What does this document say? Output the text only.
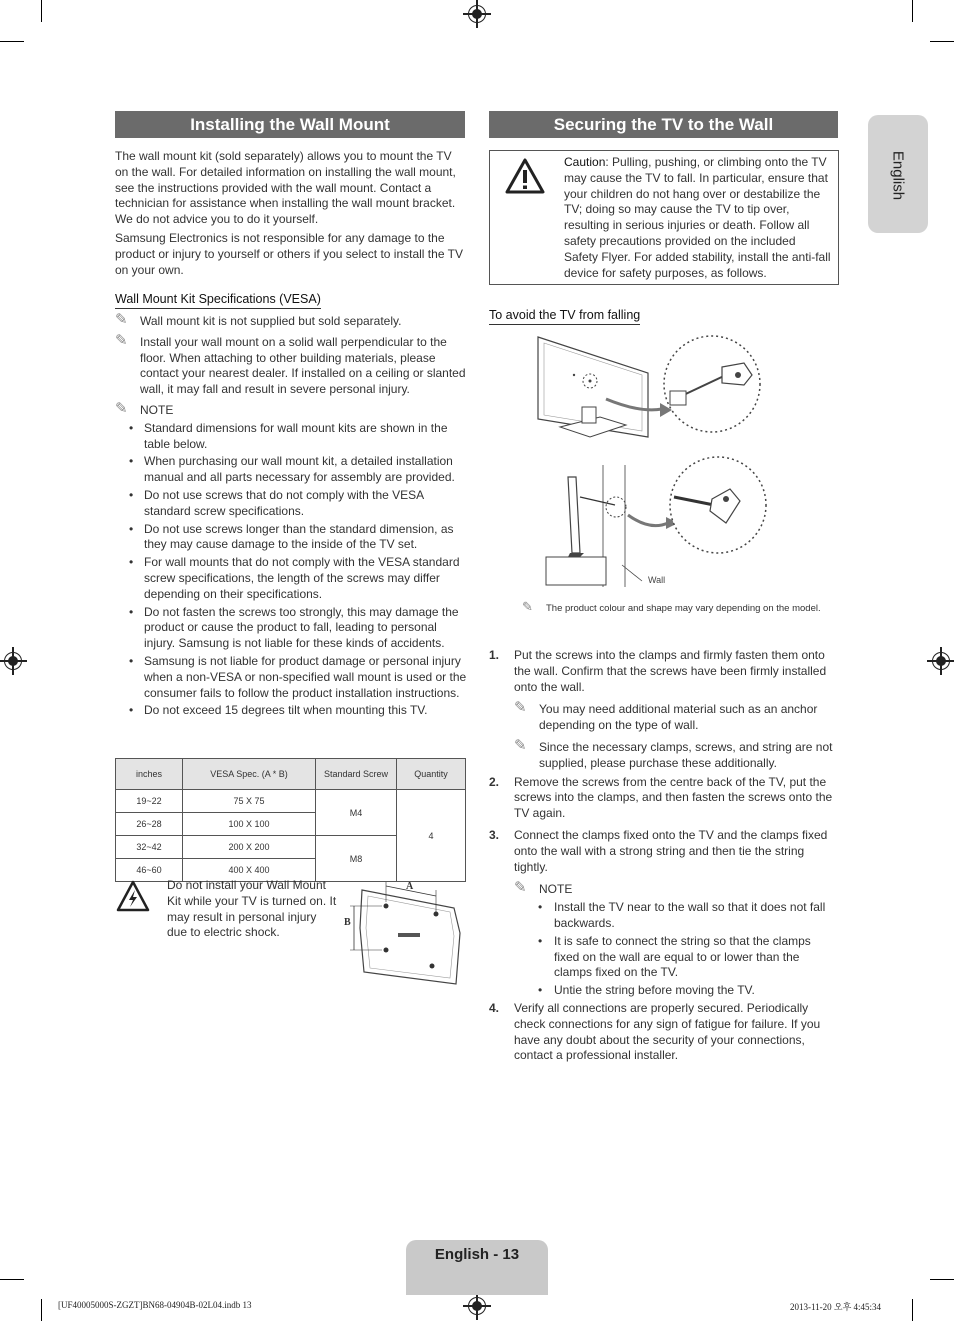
English
Installing the Wall Mount

The wall mount kit (sold separately) allows you to mount the TV on the wall. For detailed information on installing the wall mount, see the instructions provided with the wall mount. Contact a technician for assistance when installing the wall mount bracket. We do not advice you to do it yourself.

Samsung Electronics is not responsible for any damage to the product or injury to yourself or others if you select to install the TV on your own.

Wall Mount Kit Specifications (VESA)
✎ Wall mount kit is not supplied but sold separately.
✎ Install your wall mount on a solid wall perpendicular to the floor. When attaching to other building materials, please contact your nearest dealer. If installed on a ceiling or slanted wall, it may fall and result in severe personal injury.
✎ NOTE
• Standard dimensions for wall mount kits are shown in the table below.
• When purchasing our wall mount kit, a detailed installation manual and all parts necessary for assembly are provided.
• Do not use screws that do not comply with the VESA standard screw specifications.
• Do not use screws longer than the standard dimension, as they may cause damage to the inside of the TV set.
• For wall mounts that do not comply with the VESA standard screw specifications, the length of the screws may differ depending on their specifications.
• Do not fasten the screws too strongly, this may damage the product or cause the product to fall, leading to personal injury. Samsung is not liable for these kinds of accidents.
• Samsung is not liable for product damage or personal injury when a non-VESA or non-specified wall mount is used or the consumer fails to follow the product installation instructions.
• Do not exceed 15 degrees tilt when mounting this TV.
inches	VESA Spec. (A * B)	Standard Screw	Quantity
19~22	75 X 75	M4	4
26~28	100 X 100		
32~42	200 X 200	M8	
46~60	400 X 400		
Do not install your Wall Mount Kit while your TV is turned on. It may result in personal injury due to electric shock.
A
B
Securing the TV to the Wall
Caution: Pulling, pushing, or climbing onto the TV may cause the TV to fall. In particular, ensure that your children do not hang over or destabilize the TV; doing so may cause the TV to tip over, resulting in serious injuries or death. Follow all safety precautions provided on the included Safety Flyer. For added stability, install the anti-fall device for safety purposes, as follows.
To avoid the TV from falling
Wall
✎ The product colour and shape may vary depending on the model.
1. Put the screws into the clamps and firmly fasten them onto the wall. Confirm that the screws have been firmly installed onto the wall.
✎ You may need additional material such as an anchor depending on the type of wall.
✎ Since the necessary clamps, screws, and string are not supplied, please purchase these additionally.
2. Remove the screws from the centre back of the TV, put the screws into the clamps, and then fasten the screws onto the TV again.
3. Connect the clamps fixed onto the TV and the clamps fixed onto the wall with a strong string and then tie the string tightly.
✎ NOTE
• Install the TV near to the wall so that it does not fall backwards.
• It is safe to connect the string so that the clamps fixed on the wall are equal to or lower than the clamps fixed on the TV.
• Untie the string before moving the TV.
4. Verify all connections are properly secured. Periodically check connections for any sign of fatigue for failure. If you have any doubt about the security of your connections, contact a professional installer.
English - 13
[UF40005000S-ZGZT]BN68-04904B-02L04.indb 13	2013-11-20 오후 4:45:34
